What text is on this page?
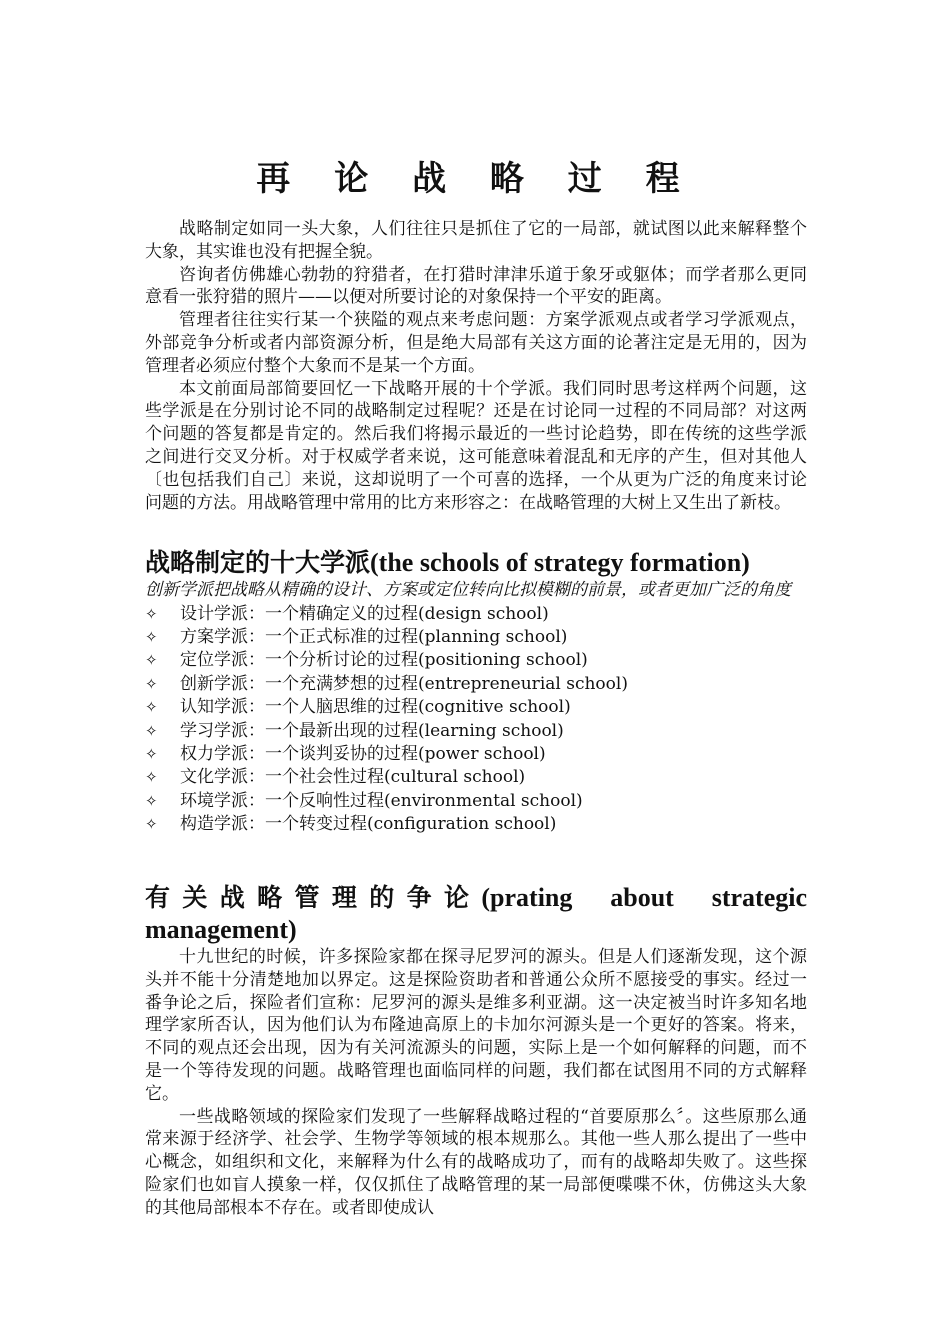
再 论 战 略 过 程

战略制定如同一头大象，人们往往只是抓住了它的一局部，就试图以此来解释整个大象，其实谁也没有把握全貌。

咨询者仿佛雄心勃勃的狩猎者，在打猎时津津乐道于象牙或躯体；而学者那么更同意看一张狩猎的照片——以便对所要讨论的对象保持一个平安的距离。

管理者往往实行某一个狭隘的观点来考虑问题：方案学派观点或者学习学派观点，外部竞争分析或者内部资源分析，但是绝大局部有关这方面的论著注定是无用的，因为管理者必须应付整个大象而不是某一个方面。

本文前面局部简要回忆一下战略开展的十个学派。我们同时思考这样两个问题，这些学派是在分别讨论不同的战略制定过程呢？还是在讨论同一过程的不同局部？对这两个问题的答复都是肯定的。然后我们将揭示最近的一些讨论趋势，即在传统的这些学派之间进行交叉分析。对于权威学者来说，这可能意味着混乱和无序的产生，但对其他人〔也包括我们自己〕来说，这却说明了一个可喜的选择，一个从更为广泛的角度来讨论问题的方法。用战略管理中常用的比方来形容之：在战略管理的大树上又生出了新枝。

战略制定的十大学派(the schools of strategy formation)

创新学派把战略从精确的设计、方案或定位转向比拟模糊的前景，或者更加广泛的角度

✧	设计学派：一个精确定义的过程(design school)
✧	方案学派：一个正式标准的过程(planning school)
✧	定位学派：一个分析讨论的过程(positioning school)
✧	创新学派：一个充满梦想的过程(entrepreneurial school)
✧	认知学派：一个人脑思维的过程(cognitive school)
✧	学习学派：一个最新出现的过程(learning school)
✧	权力学派：一个谈判妥协的过程(power school)
✧	文化学派：一个社会性过程(cultural school)
✧	环境学派：一个反响性过程(environmental school)
✧	构造学派：一个转变过程(configuration school)
有关战略管理的争论(prating about strategic management)

十九世纪的时候，许多探险家都在探寻尼罗河的源头。但是人们逐渐发现，这个源头并不能十分清楚地加以界定。这是探险资助者和普通公众所不愿接受的事实。经过一番争论之后，探险者们宣称：尼罗河的源头是维多利亚湖。这一决定被当时许多知名地理学家所否认，因为他们认为布隆迪高原上的卡加尔河源头是一个更好的答案。将来，不同的观点还会出现，因为有关河流源头的问题，实际上是一个如何解释的问题，而不是一个等待发现的问题。战略管理也面临同样的问题，我们都在试图用不同的方式解释它。

一些战略领域的探险家们发现了一些解释战略过程的“首要原那么〞。这些原那么通常来源于经济学、社会学、生物学等领域的根本规那么。其他一些人那么提出了一些中心概念，如组织和文化，来解释为什么有的战略成功了，而有的战略却失败了。这些探险家们也如盲人摸象一样，仅仅抓住了战略管理的某一局部便喋喋不休，仿佛这头大象的其他局部根本不存在。或者即使成认
